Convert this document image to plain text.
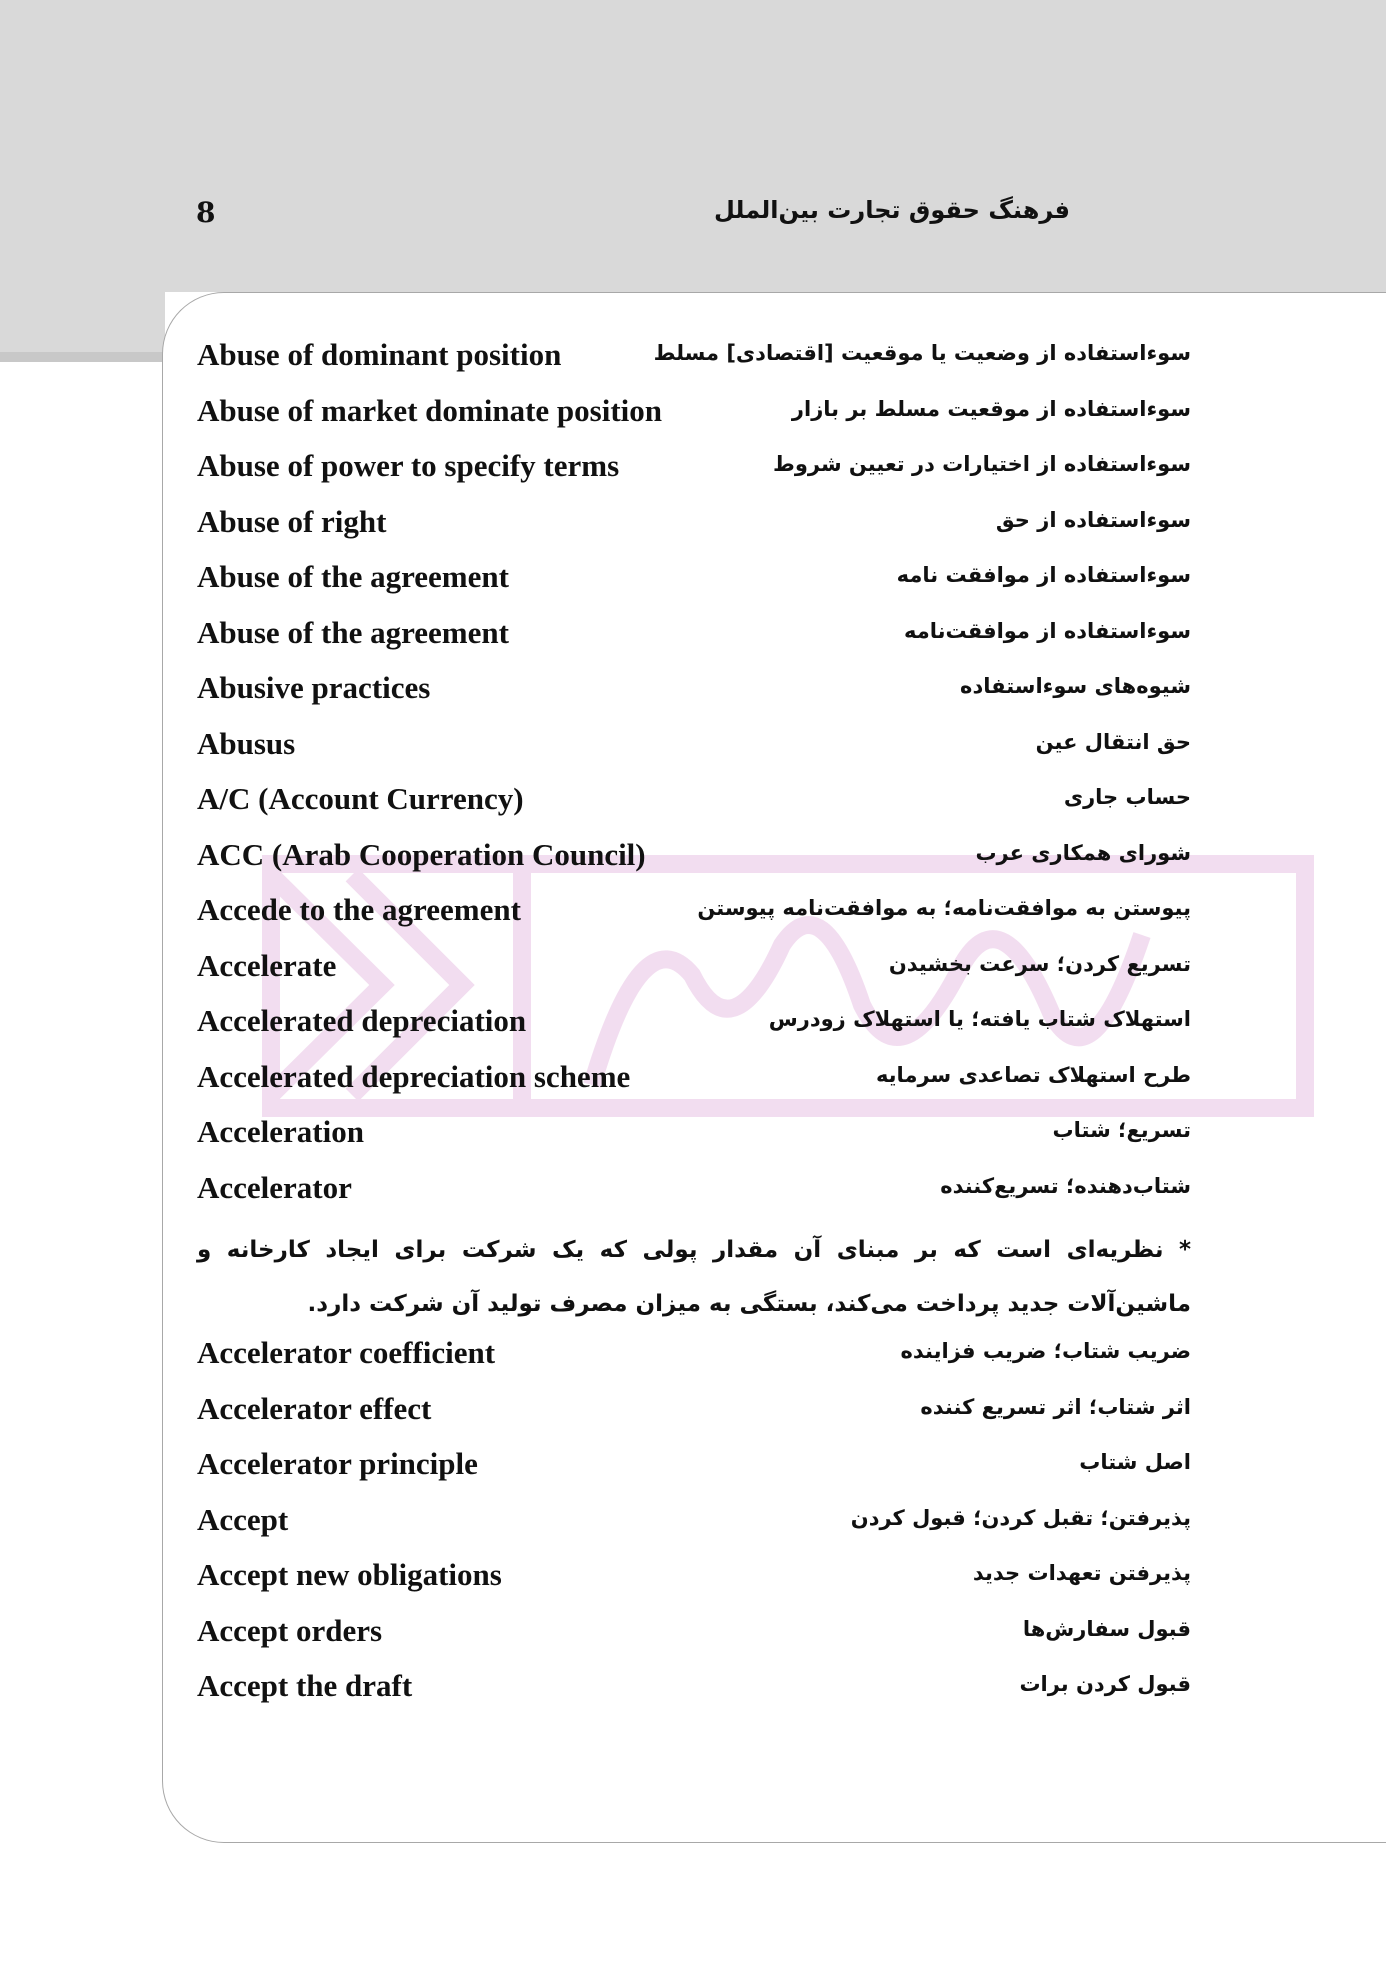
فرهنگ حقوق تجارت بین‌الملل
8
Abuse of dominant position	سوءاستفاده از وضعیت یا موقعیت [اقتصادی] مسلط
Abuse of market dominate position	سوءاستفاده از موقعیت مسلط بر بازار
Abuse of power to specify terms	سوءاستفاده از اختیارات در تعیین شروط
Abuse of right	سوءاستفاده از حق
Abuse of the agreement	سوءاستفاده از موافقت نامه
Abuse of the agreement	سوءاستفاده از موافقت‌نامه
Abusive practices	شیوه‌های سوءاستفاده
Abusus	حق انتقال عین
A/C (Account Currency)	حساب جاری
ACC (Arab Cooperation Council)	شورای همکاری عرب
Accede to the agreement	پیوستن به موافقت‌نامه؛ به موافقت‌نامه پیوستن
Accelerate	تسریع کردن؛ سرعت بخشیدن
Accelerated depreciation	استهلاک شتاب یافته؛ یا استهلاک زودرس
Accelerated depreciation scheme	طرح استهلاک تصاعدی سرمایه
Acceleration	تسریع؛ شتاب
Accelerator	شتاب‌دهنده؛ تسریع‌کننده
* نظریه‌ای است که بر مبنای آن مقدار پولی که یک شرکت برای ایجاد کارخانه و ماشین‌آلات جدید پرداخت می‌کند، بستگی به میزان مصرف تولید آن شرکت دارد.
Accelerator coefficient	ضریب شتاب؛ ضریب فزاینده
Accelerator effect	اثر شتاب؛ اثر تسریع کننده
Accelerator principle	اصل شتاب
Accept	پذیرفتن؛ تقبل کردن؛ قبول کردن
Accept new obligations	پذیرفتن تعهدات جدید
Accept orders	قبول سفارش‌ها
Accept the draft	قبول کردن برات
